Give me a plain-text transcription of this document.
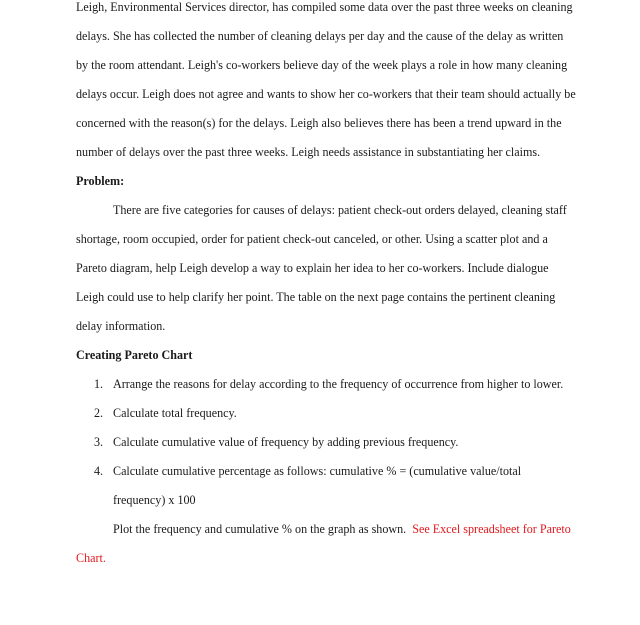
Leigh, Environmental Services director, has compiled some data over the past three weeks on cleaning delays. She has collected the number of cleaning delays per day and the cause of the delay as written by the room attendant. Leigh's co-workers believe day of the week plays a role in how many cleaning delays occur. Leigh does not agree and wants to show her co-workers that their team should actually be concerned with the reason(s) for the delays. Leigh also believes there has been a trend upward in the number of delays over the past three weeks. Leigh needs assistance in substantiating her claims.

Problem:

There are five categories for causes of delays: patient check-out orders delayed, cleaning staff shortage, room occupied, order for patient check-out canceled, or other. Using a scatter plot and a Pareto diagram, help Leigh develop a way to explain her idea to her co-workers. Include dialogue Leigh could use to help clarify her point. The table on the next page contains the pertinent cleaning delay information.

Creating Pareto Chart

1. Arrange the reasons for delay according to the frequency of occurrence from higher to lower.
2. Calculate total frequency.
3. Calculate cumulative value of frequency by adding previous frequency.
4. Calculate cumulative percentage as follows: cumulative % = (cumulative value/total frequency) x 100

Plot the frequency and cumulative % on the graph as shown.  See Excel spreadsheet for Pareto Chart.
